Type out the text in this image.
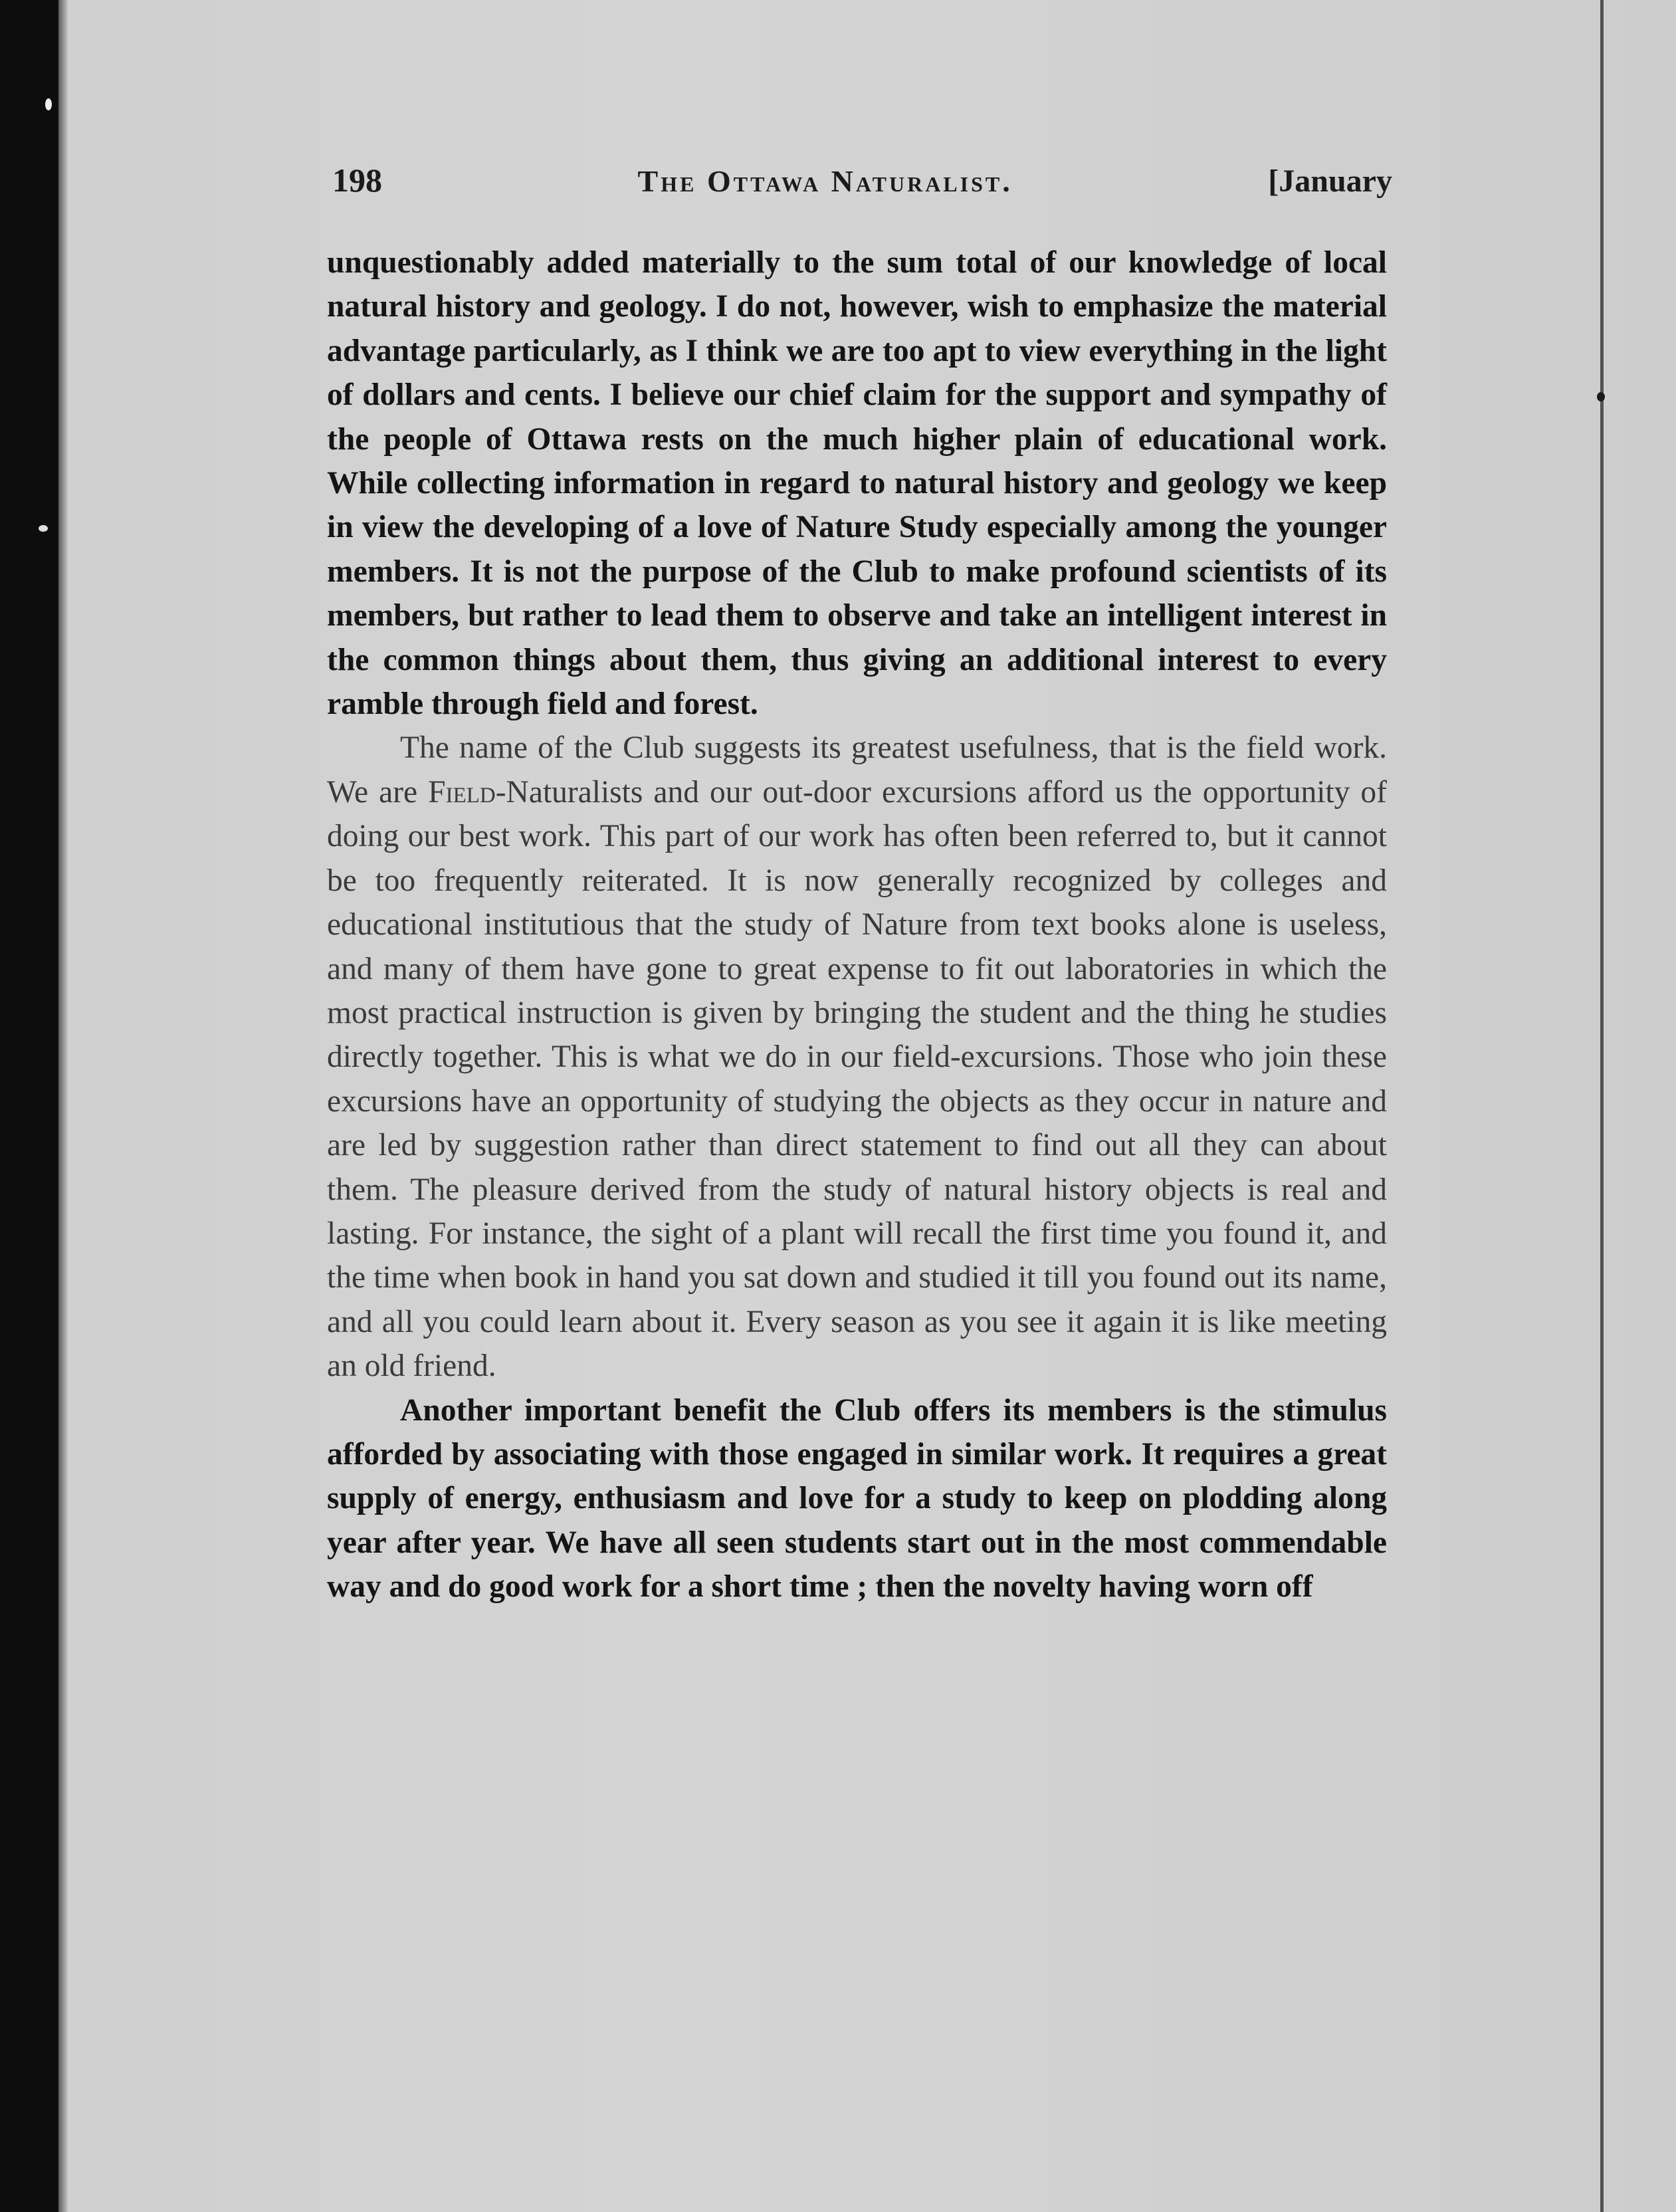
198	The Ottawa Naturalist.	[January

unquestionably added materially to the sum total of our knowledge of local natural history and geology. I do not, however, wish to emphasize the material advantage particularly, as I think we are too apt to view everything in the light of dollars and cents. I believe our chief claim for the support and sympathy of the people of Ottawa rests on the much higher plain of educational work. While collecting information in regard to natural history and geology we keep in view the developing of a love of Nature Study especially among the younger members. It is not the purpose of the Club to make profound scientists of its members, but rather to lead them to observe and take an intelligent interest in the common things about them, thus giving an additional interest to every ramble through field and forest.

The name of the Club suggests its greatest usefulness, that is the field work. We are Field-Naturalists and our out-door excursions afford us the opportunity of doing our best work. This part of our work has often been referred to, but it cannot be too frequently reiterated. It is now generally recognized by colleges and educational institutious that the study of Nature from text books alone is useless, and many of them have gone to great expense to fit out laboratories in which the most practical instruction is given by bringing the student and the thing he studies directly together. This is what we do in our field-excursions. Those who join these excursions have an opportunity of studying the objects as they occur in nature and are led by suggestion rather than direct statement to find out all they can about them. The pleasure derived from the study of natural history objects is real and lasting. For instance, the sight of a plant will recall the first time you found it, and the time when book in hand you sat down and studied it till you found out its name, and all you could learn about it. Every season as you see it again it is like meeting an old friend.

Another important benefit the Club offers its members is the stimulus afforded by associating with those engaged in similar work. It requires a great supply of energy, enthusiasm and love for a study to keep on plodding along year after year. We have all seen students start out in the most commendable way and do good work for a short time ; then the novelty having worn off
